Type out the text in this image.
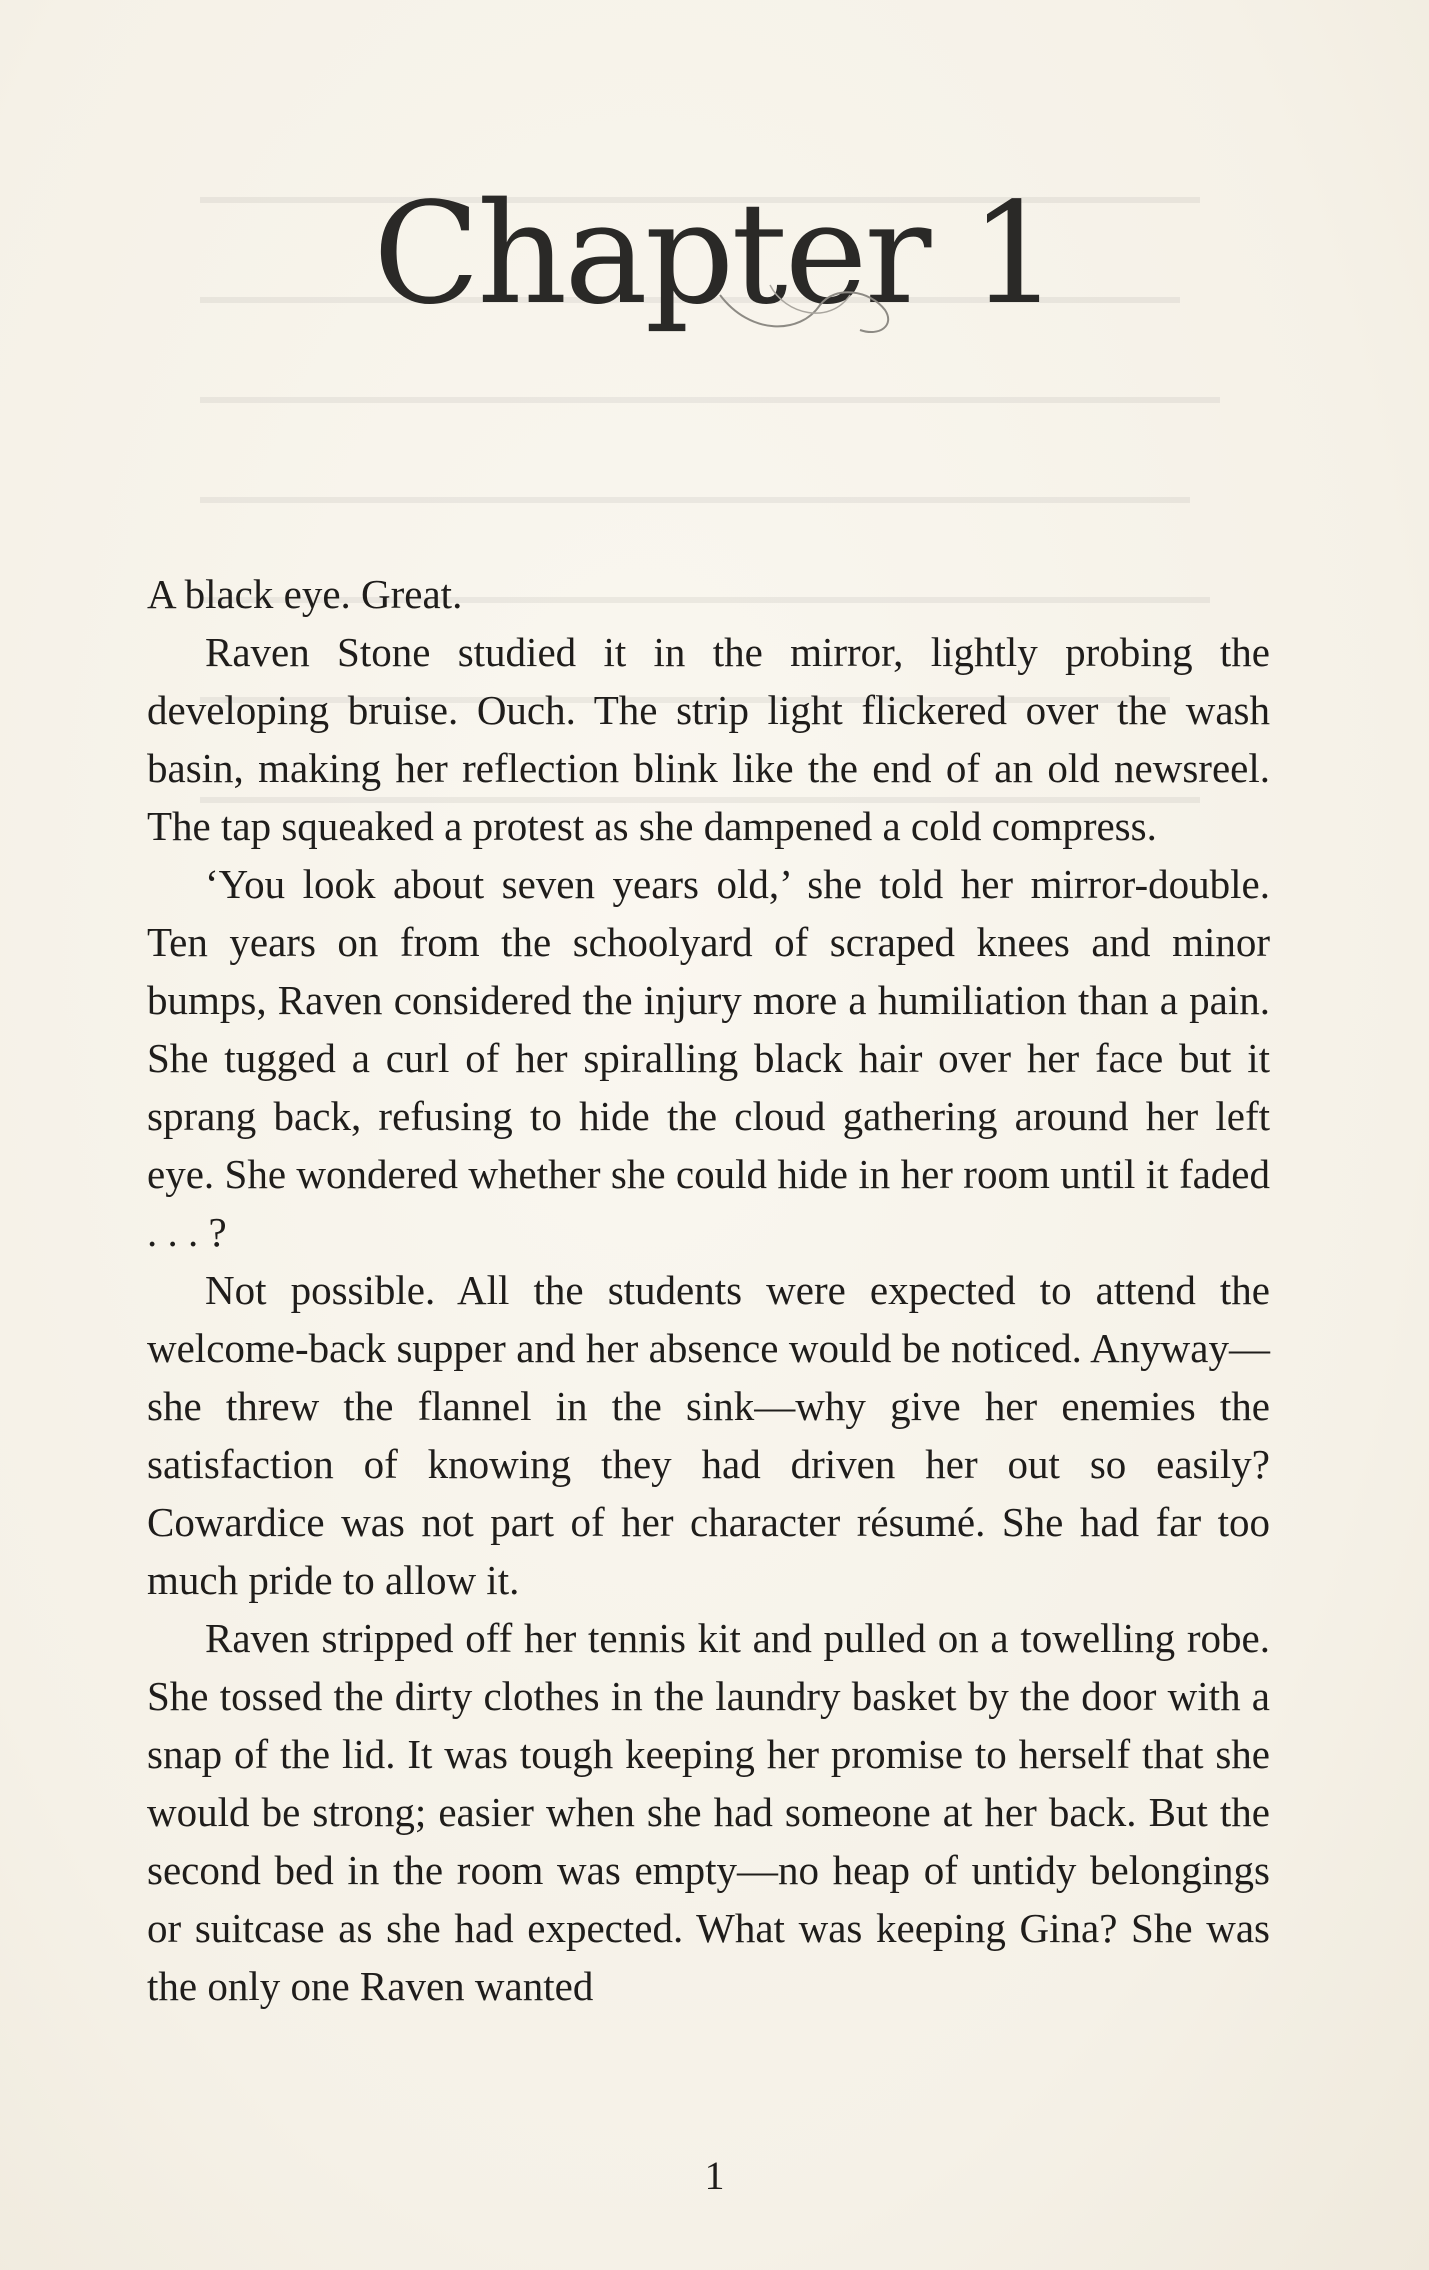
Chapter 1

A black eye. Great.

Raven Stone studied it in the mirror, lightly probing the developing bruise. Ouch. The strip light flickered over the wash basin, making her reflection blink like the end of an old newsreel. The tap squeaked a protest as she dampened a cold compress.

‘You look about seven years old,’ she told her mirror-double. Ten years on from the schoolyard of scraped knees and minor bumps, Raven considered the injury more a humiliation than a pain. She tugged a curl of her spiralling black hair over her face but it sprang back, refusing to hide the cloud gathering around her left eye. She wondered whether she could hide in her room until it faded . . . ?

Not possible. All the students were expected to attend the welcome-back supper and her absence would be noticed. Anyway—she threw the flannel in the sink—why give her enemies the satisfaction of knowing they had driven her out so easily? Cowardice was not part of her character résumé. She had far too much pride to allow it.

Raven stripped off her tennis kit and pulled on a towelling robe. She tossed the dirty clothes in the laundry basket by the door with a snap of the lid. It was tough keeping her promise to herself that she would be strong; easier when she had someone at her back. But the second bed in the room was empty—no heap of untidy belongings or suitcase as she had expected. What was keeping Gina? She was the only one Raven wanted

1
